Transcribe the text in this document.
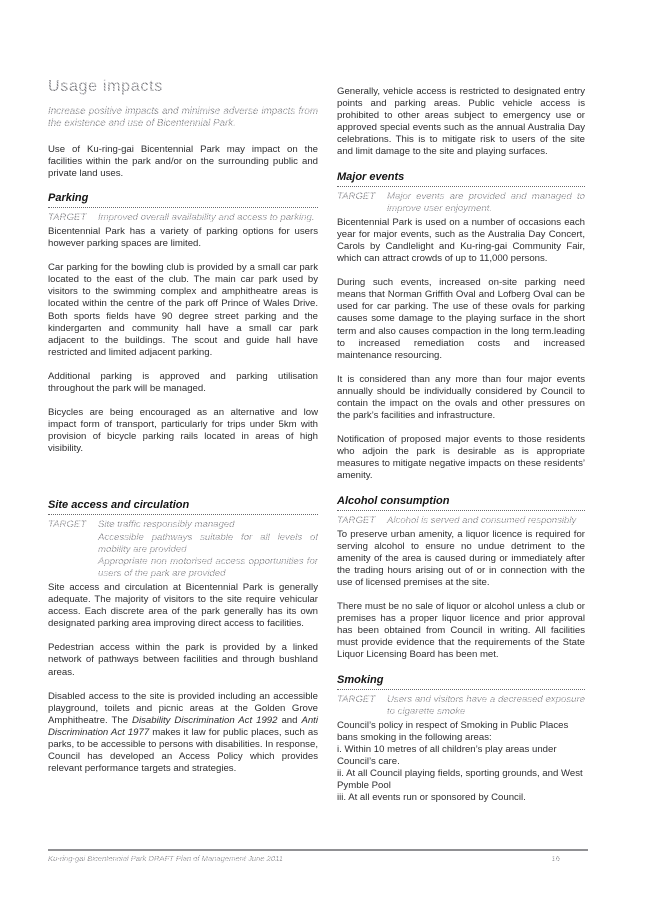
Usage impacts

Increase positive impacts and minimise adverse impacts from the existence and use of Bicentennial Park.

Use of Ku-ring-gai Bicentennial Park may impact on the facilities within the park and/or on the surrounding public and private land uses.

Parking
TARGET	Improved overall availability and access to parking.

Bicentennial Park has a variety of parking options for users however parking spaces are limited.

Car parking for the bowling club is provided by a small car park located to the east of the club. The main car park used by visitors to the swimming complex and amphitheatre areas is located within the centre of the park off Prince of Wales Drive. Both sports fields have 90 degree street parking and the kindergarten and community hall have a small car park adjacent to the buildings. The scout and guide hall have restricted and limited adjacent parking.

Additional parking is approved and parking utilisation throughout the park will be managed.

Bicycles are being encouraged as an alternative and low impact form of transport, particularly for trips under 5km with provision of bicycle parking rails located in areas of high visibility.

Site access and circulation
TARGET	Site traffic responsibly managed
Accessible pathways suitable for all levels of mobility are provided
Appropriate non motorised access opportunities for users of the park are provided

Site access and circulation at Bicentennial Park is generally adequate. The majority of visitors to the site require vehicular access. Each discrete area of the park generally has its own designated parking area improving direct access to facilities.

Pedestrian access within the park is provided by a linked network of pathways between facilities and through bushland areas.

Disabled access to the site is provided including an accessible playground, toilets and picnic areas at the Golden Grove Amphitheatre. The Disability Discrimination Act 1992 and Anti Discrimination Act 1977 makes it law for public places, such as parks, to be accessible to persons with disabilities. In response, Council has developed an Access Policy which provides relevant performance targets and strategies.

Generally, vehicle access is restricted to designated entry points and parking areas. Public vehicle access is prohibited to other areas subject to emergency use or approved special events such as the annual Australia Day celebrations. This is to mitigate risk to users of the site and limit damage to the site and playing surfaces.

Major events
TARGET	Major events are provided and managed to improve user enjoyment.

Bicentennial Park is used on a number of occasions each year for major events, such as the Australia Day Concert, Carols by Candlelight and Ku-ring-gai Community Fair, which can attract crowds of up to 11,000 persons.

During such events, increased on-site parking need means that Norman Griffith Oval and Lofberg Oval can be used for car parking. The use of these ovals for parking causes some damage to the playing surface in the short term and also causes compaction in the long term.leading to increased remediation costs and increased maintenance resourcing.

It is considered than any more than four major events annually should be individually considered by Council to contain the impact on the ovals and other pressures on the park’s facilities and infrastructure.

Notification of proposed major events to those residents who adjoin the park is desirable as is appropriate measures to mitigate negative impacts on these residents’ amenity.

Alcohol consumption
TARGET	Alcohol is served and consumed responsibly

To preserve urban amenity, a liquor licence is required for serving alcohol to ensure no undue detriment to the amenity of the area is caused during or immediately after the trading hours arising out of or in connection with the use of licensed premises at the site.

There must be no sale of liquor or alcohol unless a club or premises has a proper liquor licence and prior approval has been obtained from Council in writing. All facilities must provide evidence that the requirements of the State Liquor Licensing Board has been met.

Smoking
TARGET	Users and visitors have a decreased exposure to cigarette smoke
Council’s policy in respect of Smoking in Public Places bans smoking in the following areas:
i. Within 10 metres of all children’s play areas under Council’s care.
ii. At all Council playing fields, sporting grounds, and West Pymble Pool
iii. At all events run or sponsored by Council.
Ku-ring-gai Bicentennial Park DRAFT Plan of Management June 2011	16
